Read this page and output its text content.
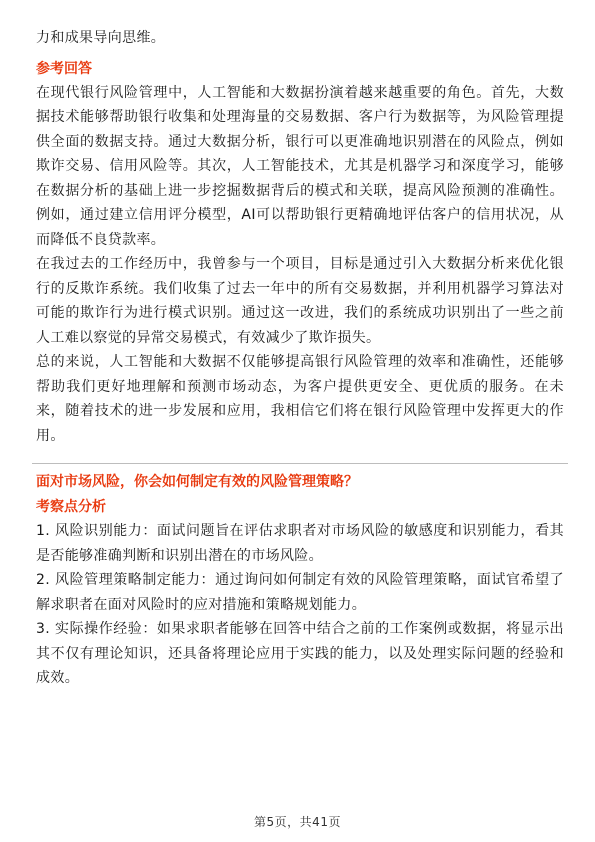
力和成果导向思维。

参考回答

在现代银行风险管理中，人工智能和大数据扮演着越来越重要的角色。首先，大数据技术能够帮助银行收集和处理海量的交易数据、客户行为数据等，为风险管理提供全面的数据支持。通过大数据分析，银行可以更准确地识别潜在的风险点，例如欺诈交易、信用风险等。其次，人工智能技术，尤其是机器学习和深度学习，能够在数据分析的基础上进一步挖掘数据背后的模式和关联，提高风险预测的准确性。例如，通过建立信用评分模型，AI可以帮助银行更精确地评估客户的信用状况，从而降低不良贷款率。

在我过去的工作经历中，我曾参与一个项目，目标是通过引入大数据分析来优化银行的反欺诈系统。我们收集了过去一年中的所有交易数据，并利用机器学习算法对可能的欺诈行为进行模式识别。通过这一改进，我们的系统成功识别出了一些之前人工难以察觉的异常交易模式，有效减少了欺诈损失。

总的来说，人工智能和大数据不仅能够提高银行风险管理的效率和准确性，还能够帮助我们更好地理解和预测市场动态，为客户提供更安全、更优质的服务。在未来，随着技术的进一步发展和应用，我相信它们将在银行风险管理中发挥更大的作用。

面对市场风险，你会如何制定有效的风险管理策略？

考察点分析

1. 风险识别能力：面试问题旨在评估求职者对市场风险的敏感度和识别能力，看其是否能够准确判断和识别出潜在的市场风险。

2. 风险管理策略制定能力：通过询问如何制定有效的风险管理策略，面试官希望了解求职者在面对风险时的应对措施和策略规划能力。

3. 实际操作经验：如果求职者能够在回答中结合之前的工作案例或数据，将显示出其不仅有理论知识，还具备将理论应用于实践的能力，以及处理实际问题的经验和成效。

第5页，共41页
